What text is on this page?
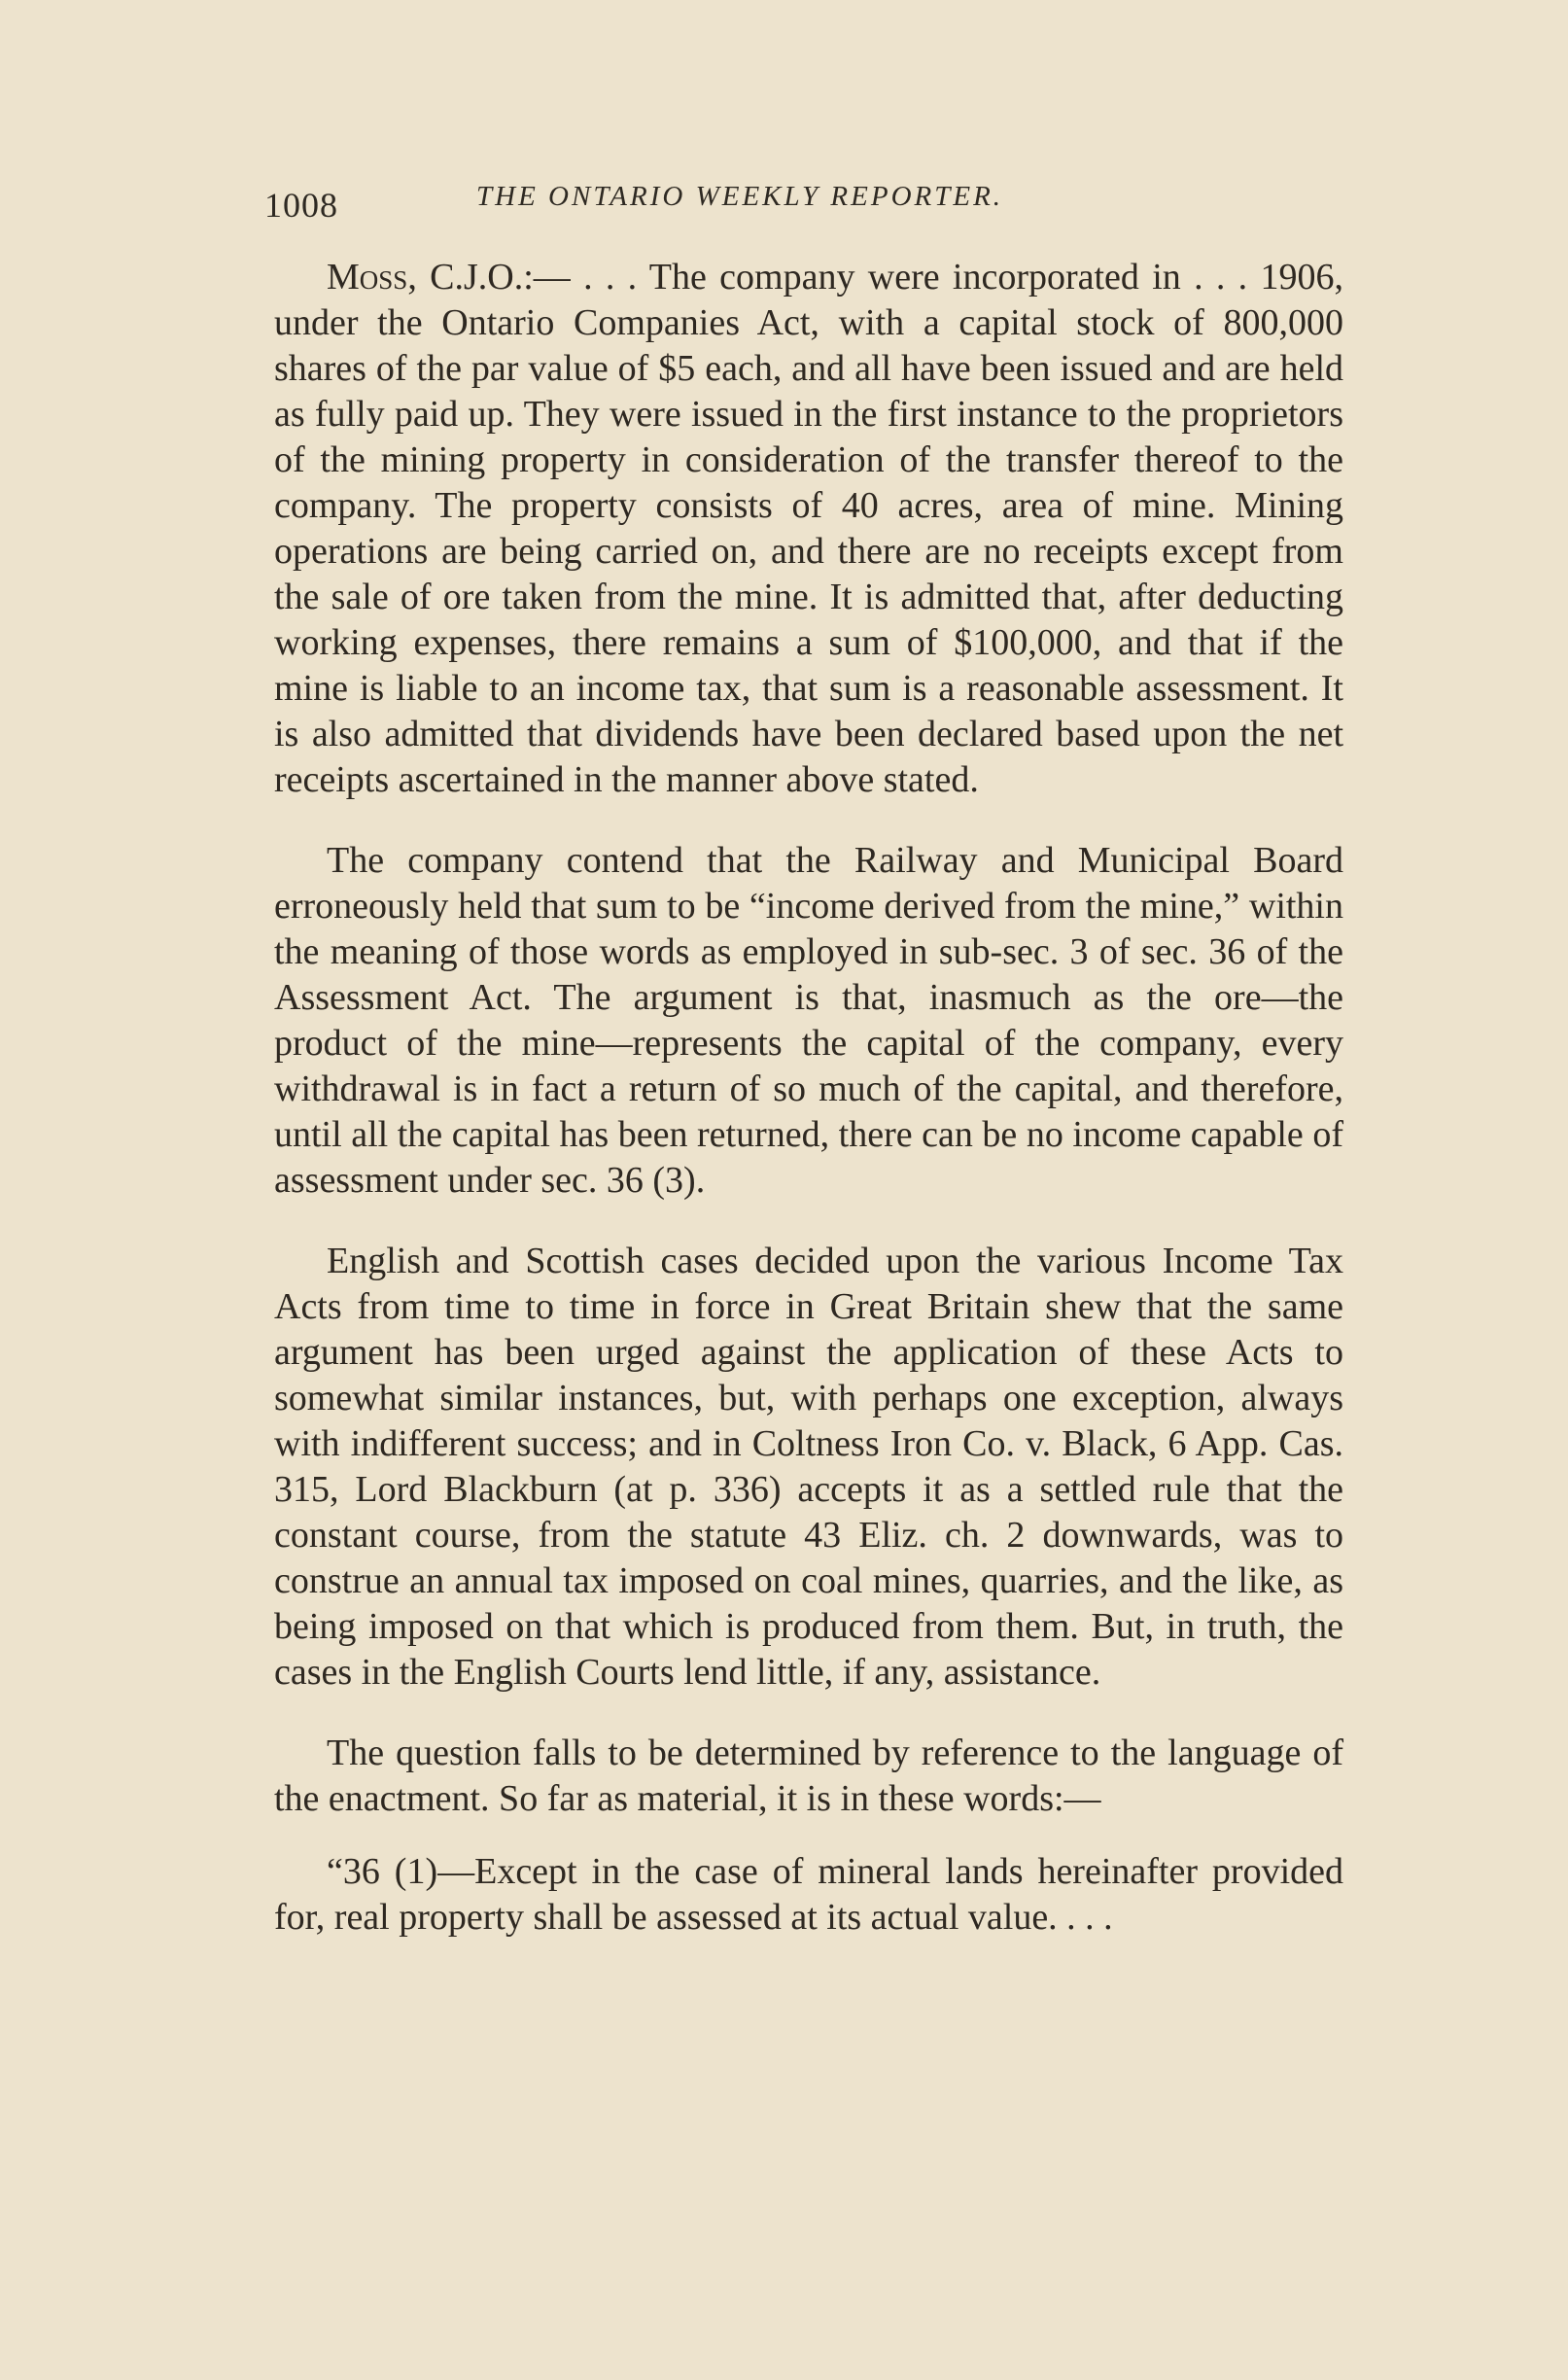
1008	THE ONTARIO WEEKLY REPORTER.

Moss, C.J.O.:— . . . The company were incorporated in . . . 1906, under the Ontario Companies Act, with a capital stock of 800,000 shares of the par value of $5 each, and all have been issued and are held as fully paid up. They were issued in the first instance to the proprietors of the mining property in consideration of the transfer thereof to the company. The property consists of 40 acres, area of mine. Mining operations are being carried on, and there are no receipts except from the sale of ore taken from the mine. It is admitted that, after deducting working expenses, there remains a sum of $100,000, and that if the mine is liable to an income tax, that sum is a reasonable assessment. It is also admitted that dividends have been declared based upon the net receipts ascertained in the manner above stated.

The company contend that the Railway and Municipal Board erroneously held that sum to be “income derived from the mine,” within the meaning of those words as employed in sub-sec. 3 of sec. 36 of the Assessment Act. The argument is that, inasmuch as the ore—the product of the mine—represents the capital of the company, every withdrawal is in fact a return of so much of the capital, and therefore, until all the capital has been returned, there can be no income capable of assessment under sec. 36 (3).

English and Scottish cases decided upon the various Income Tax Acts from time to time in force in Great Britain shew that the same argument has been urged against the application of these Acts to somewhat similar instances, but, with perhaps one exception, always with indifferent success; and in Coltness Iron Co. v. Black, 6 App. Cas. 315, Lord Blackburn (at p. 336) accepts it as a settled rule that the constant course, from the statute 43 Eliz. ch. 2 downwards, was to construe an annual tax imposed on coal mines, quarries, and the like, as being imposed on that which is produced from them. But, in truth, the cases in the English Courts lend little, if any, assistance.

The question falls to be determined by reference to the language of the enactment. So far as material, it is in these words:—

“36 (1)—Except in the case of mineral lands hereinafter provided for, real property shall be assessed at its actual value. . . .
